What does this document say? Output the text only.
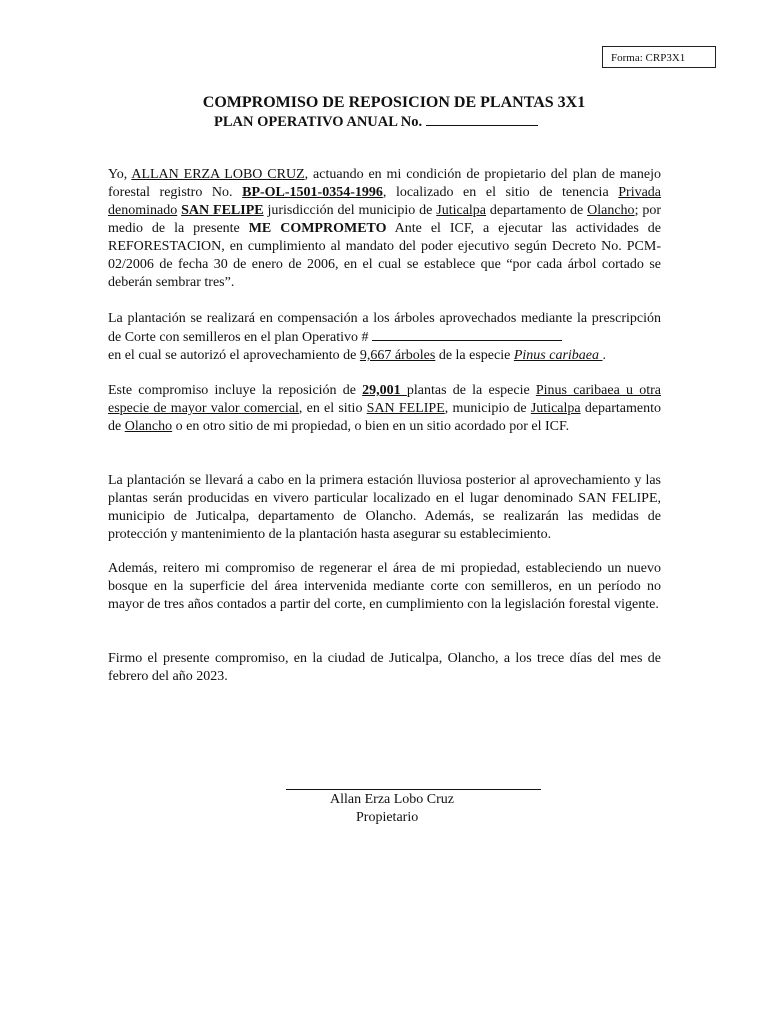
Forma: CRP3X1
COMPROMISO DE REPOSICION DE PLANTAS 3X1
PLAN OPERATIVO ANUAL No.
Yo, ALLAN ERZA LOBO CRUZ, actuando en mi condición de propietario del plan de manejo forestal registro No. BP-OL-1501-0354-1996, localizado en el sitio de tenencia Privada denominado SAN FELIPE jurisdicción del municipio de Juticalpa departamento de Olancho; por medio de la presente ME COMPROMETO Ante el ICF, a ejecutar las actividades de REFORESTACION, en cumplimiento al mandato del poder ejecutivo según Decreto No. PCM-02/2006 de fecha 30 de enero de 2006, en el cual se establece que “por cada árbol cortado se deberán sembrar tres”.
La plantación se realizará en compensación a los árboles aprovechados mediante la prescripción de Corte con semilleros en el plan Operativo #
en el cual se autorizó el aprovechamiento de 9,667 árboles de la especie Pinus caribaea .
Este compromiso incluye la reposición de 29,001 plantas de la especie Pinus caribaea u otra especie de mayor valor comercial, en el sitio SAN FELIPE, municipio de Juticalpa departamento de Olancho o en otro sitio de mi propiedad, o bien en un sitio acordado por el ICF.
La plantación se llevará a cabo en la primera estación lluviosa posterior al aprovechamiento y las plantas serán producidas en vivero particular localizado en el lugar denominado SAN FELIPE, municipio de Juticalpa, departamento de Olancho. Además, se realizarán las medidas de protección y mantenimiento de la plantación hasta asegurar su establecimiento.
Además, reitero mi compromiso de regenerar el área de mi propiedad, estableciendo un nuevo bosque en la superficie del área intervenida mediante corte con semilleros, en un período no mayor de tres años contados a partir del corte, en cumplimiento con la legislación forestal vigente.
Firmo el presente compromiso, en la ciudad de Juticalpa, Olancho, a los trece días del mes de febrero del año 2023.
Allan Erza Lobo Cruz
Propietario
